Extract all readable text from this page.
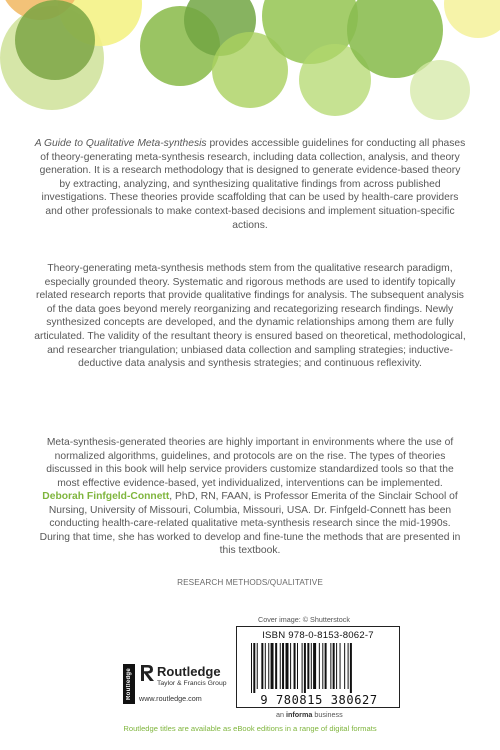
A Guide to Qualitative Meta-synthesis provides accessible guidelines for conducting all phases of theory-generating meta-synthesis research, including data collection, analysis, and theory generation. It is a research methodology that is designed to generate evidence-based theory by extracting, analyzing, and synthesizing qualitative findings from across published investigations. These theories provide scaffolding that can be used by health-care providers and other professionals to make context-based decisions and implement situation-specific actions.

Theory-generating meta-synthesis methods stem from the qualitative research paradigm, especially grounded theory. Systematic and rigorous methods are used to identify topically related research reports that provide qualitative findings for analysis. The subsequent analysis of the data goes beyond merely reorganizing and recategorizing research findings. Newly synthesized concepts are developed, and the dynamic relationships among them are fully articulated. The validity of the resultant theory is ensured based on theoretical, methodological, and researcher triangulation; unbiased data collection and sampling strategies; inductive-deductive data analysis and synthesis strategies; and continuous reflexivity.

Meta-synthesis-generated theories are highly important in environments where the use of normalized algorithms, guidelines, and protocols are on the rise. The types of theories discussed in this book will help service providers customize standardized tools so that the most effective evidence-based, yet individualized, interventions can be implemented.

Deborah Finfgeld-Connett, PhD, RN, FAAN, is Professor Emerita of the Sinclair School of Nursing, University of Missouri, Columbia, Missouri, USA. Dr. Finfgeld-Connett has been conducting health-care-related qualitative meta-synthesis research since the mid-1990s. During that time, she has worked to develop and fine-tune the methods that are presented in this textbook.

RESEARCH METHODS/QUALITATIVE
Cover image: © Shutterstock
ISBN 978-0-8153-8062-7
9 780815 380627
an informa business
Routledge Routledge
Taylor & Francis Group
www.routledge.com
Routledge titles are available as eBook editions in a range of digital formats
